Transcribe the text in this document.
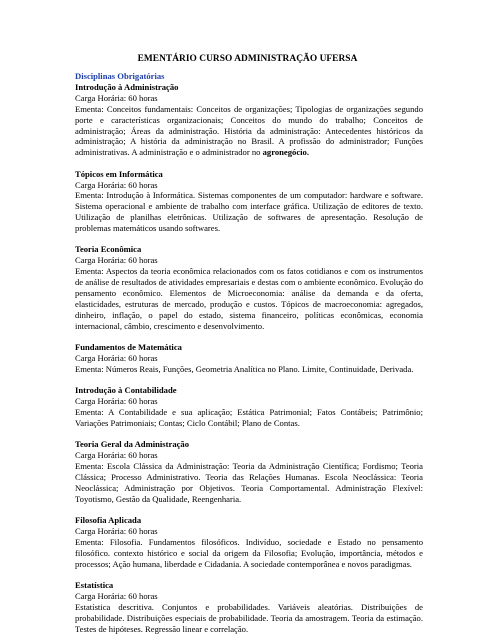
EMENTÁRIO CURSO ADMINISTRAÇÃO UFERSA
Disciplinas Obrigatórias
Introdução à Administração
Carga Horária: 60 horas
Ementa: Conceitos fundamentais: Conceitos de organizações; Tipologias de organizações segundo porte e características organizacionais; Conceitos do mundo do trabalho; Conceitos de administração; Áreas da administração. História da administração: Antecedentes históricos da administração; A história da administração no Brasil. A profissão do administrador; Funções administrativas. A administração e o administrador no agronegócio.
Tópicos em Informática
Carga Horária: 60 horas
Ementa: Introdução à Informática. Sistemas componentes de um computador: hardware e software. Sistema operacional e ambiente de trabalho com interface gráfica. Utilização de editores de texto. Utilização de planilhas eletrônicas. Utilização de softwares de apresentação. Resolução de problemas matemáticos usando softwares.
Teoria Econômica
Carga Horária: 60 horas
Ementa: Aspectos da teoria econômica relacionados com os fatos cotidianos e com os instrumentos de análise de resultados de atividades empresariais e destas com o ambiente econômico. Evolução do pensamento econômico. Elementos de Microeconomia: análise da demanda e da oferta, elasticidades, estruturas de mercado, produção e custos. Tópicos de macroeconomia: agregados, dinheiro, inflação, o papel do estado, sistema financeiro, políticas econômicas, economia internacional, câmbio, crescimento e desenvolvimento.
Fundamentos de Matemática
Carga Horária: 60 horas
Ementa: Números Reais, Funções, Geometria Analítica no Plano. Limite, Continuidade, Derivada.
Introdução à Contabilidade
Carga Horária: 60 horas
Ementa: A Contabilidade e sua aplicação; Estática Patrimonial; Fatos Contábeis; Patrimônio; Variações Patrimoniais; Contas; Ciclo Contábil; Plano de Contas.
Teoria Geral da Administração
Carga Horária: 60 horas
Ementa: Escola Clássica da Administração: Teoria da Administração Científica; Fordismo; Teoria Clássica; Processo Administrativo. Teoria das Relações Humanas. Escola Neoclássica: Teoria Neoclássica; Administração por Objetivos. Teoria Comportamental. Administração Flexível: Toyotismo, Gestão da Qualidade, Reengenharia.
Filosofia Aplicada
Carga Horária: 60 horas
Ementa: Filosofia. Fundamentos filosóficos. Indivíduo, sociedade e Estado no pensamento filosófico. contexto histórico e social da origem da Filosofia; Evolução, importância, métodos e processos; Ação humana, liberdade e Cidadania. A sociedade contemporânea e novos paradigmas.
Estatística
Carga Horária: 60 horas
Estatística descritiva. Conjuntos e probabilidades. Variáveis aleatórias. Distribuições de probabilidade. Distribuições especiais de probabilidade. Teoria da amostragem. Teoria da estimação. Testes de hipóteses. Regressão linear e correlação.
